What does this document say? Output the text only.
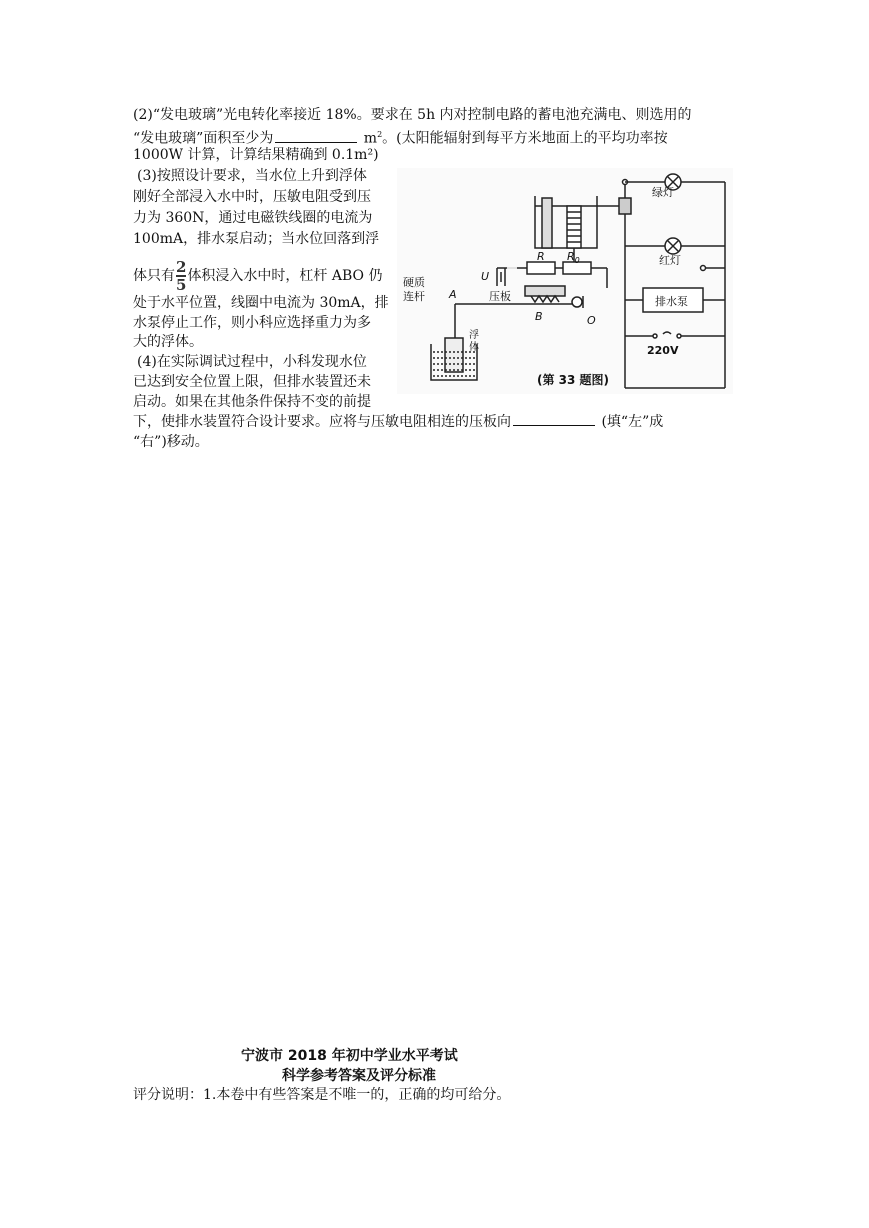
(2)“发电玻璃”光电转化率接近 18%。要求在 5h 内对控制电路的蓄电池充满电、则选用的
“发电玻璃”面积至少为	$m^2$。(太阳能辐射到每平方米地面上的平均功率按
1000W 计算，计算结果精确到 0.1m²)
(3)按照设计要求，当水位上升到浮体
刚好全部浸入水中时，压敏电阻受到压
力为 360N，通过电磁铁线圈的电流为
100mA，排水泵启动；当水位回落到浮
体只有$\frac{2}{5}$体积浸入水中时，杠杆 ABO 仍
处于水平位置，线圈中电流为 30mA，排
水泵停止工作，则小科应选择重力为多
大的浮体。
(4)在实际调试过程中，小科发现水位
已达到安全位置上限，但排水装置还未
启动。如果在其他条件保持不变的前提
下，使排水装置符合设计要求。应将与压敏电阻相连的压板向	(填“左”成
“右”)移动。
绿灯
红灯
排水泵
220V
U
R $R_0$
硬质
连杆 A
B	O
压板
浮
体
(第 33 题图)
宁波市 2018 年初中学业水平考试
科学参考答案及评分标准
评分说明：1.本卷中有些答案是不唯一的，正确的均可给分。
